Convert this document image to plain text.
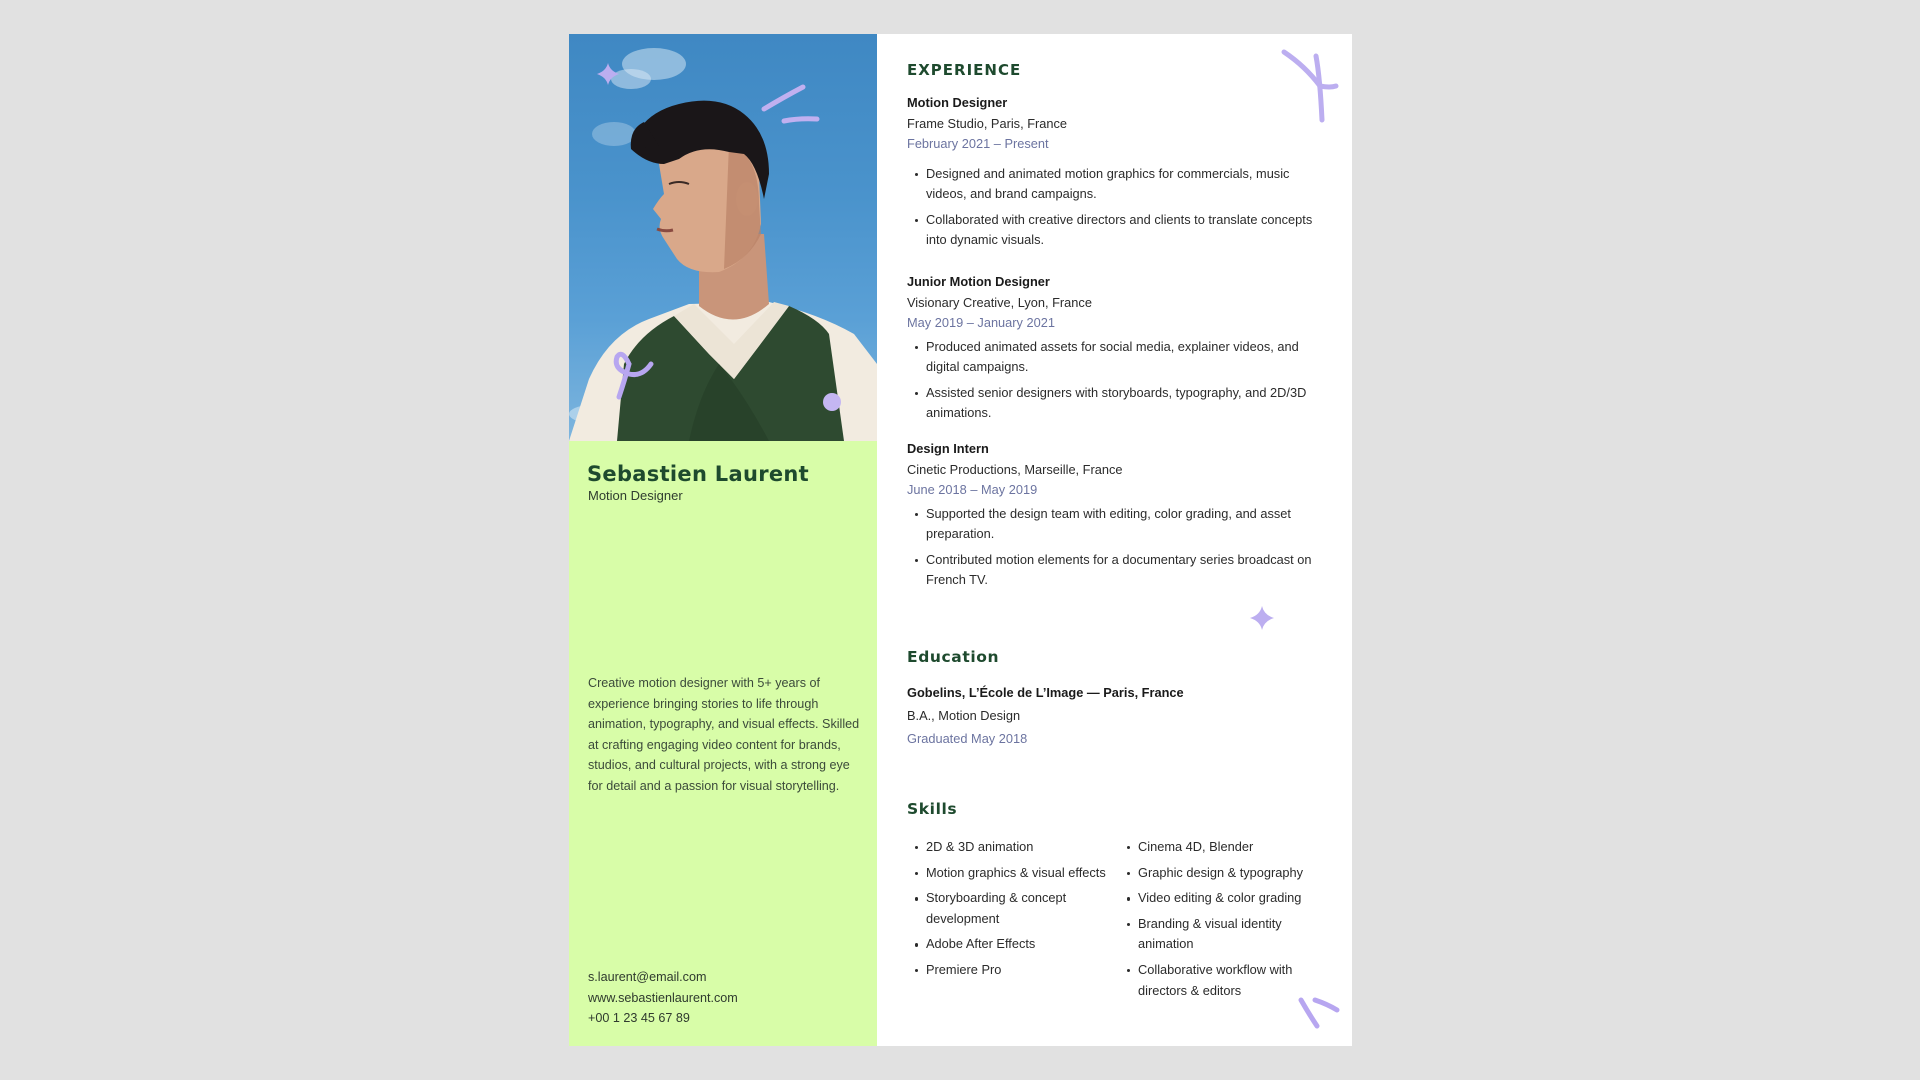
Sebastien Laurent
Motion Designer
Creative motion designer with 5+ years of experience bringing stories to life through animation, typography, and visual effects. Skilled at crafting engaging video content for brands, studios, and cultural projects, with a strong eye for detail and a passion for visual storytelling.
s.laurent@email.com
www.sebastienlaurent.com
+00 1 23 45 67 89
EXPERIENCE
Motion Designer
Frame Studio, Paris, France
February 2021 – Present
Designed and animated motion graphics for commercials, music videos, and brand campaigns.
Collaborated with creative directors and clients to translate concepts into dynamic visuals.
Junior Motion Designer
Visionary Creative, Lyon, France
May 2019 – January 2021
Produced animated assets for social media, explainer videos, and digital campaigns.
Assisted senior designers with storyboards, typography, and 2D/3D animations.
Design Intern
Cinetic Productions, Marseille, France
June 2018 – May 2019
Supported the design team with editing, color grading, and asset preparation.
Contributed motion elements for a documentary series broadcast on French TV.
Education
Gobelins, L’École de L’Image — Paris, France
B.A., Motion Design
Graduated May 2018
Skills
2D & 3D animation
Motion graphics & visual effects
Storyboarding & concept development
Adobe After Effects
Premiere Pro
Cinema 4D, Blender
Graphic design & typography
Video editing & color grading
Branding & visual identity animation
Collaborative workflow with directors & editors
